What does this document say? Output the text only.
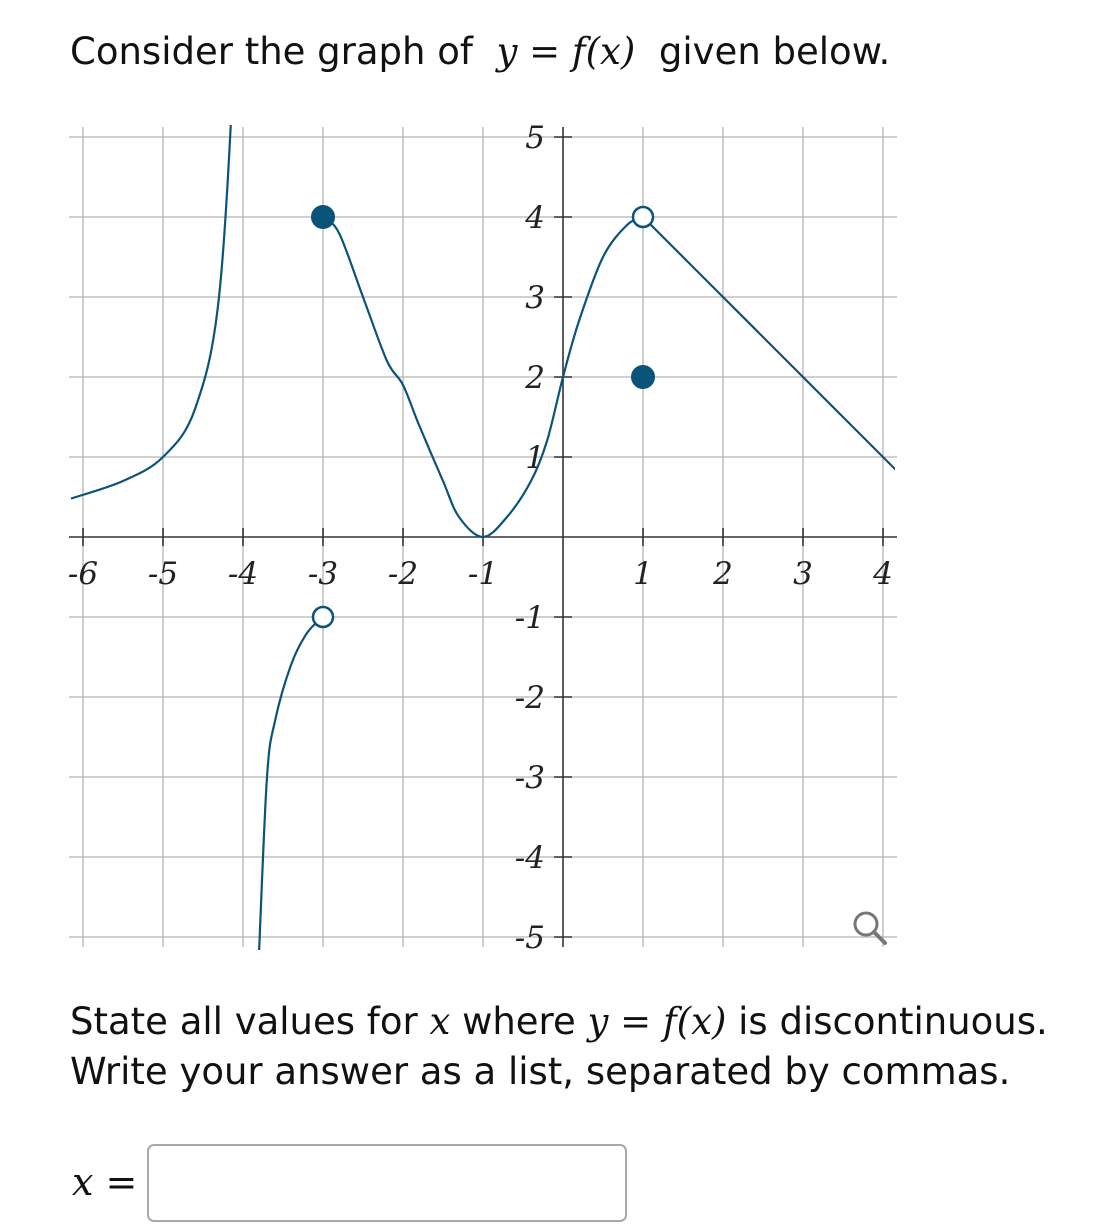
Consider the graph of y = f(x) given below.
-6 -5 -4 -3 -2 -1	1 2 3 4
5
4
3
2
1
-1
-2
-3
-4
-5
State all values for x where y = f(x) is discontinuous.
Write your answer as a list, separated by commas.
x =
